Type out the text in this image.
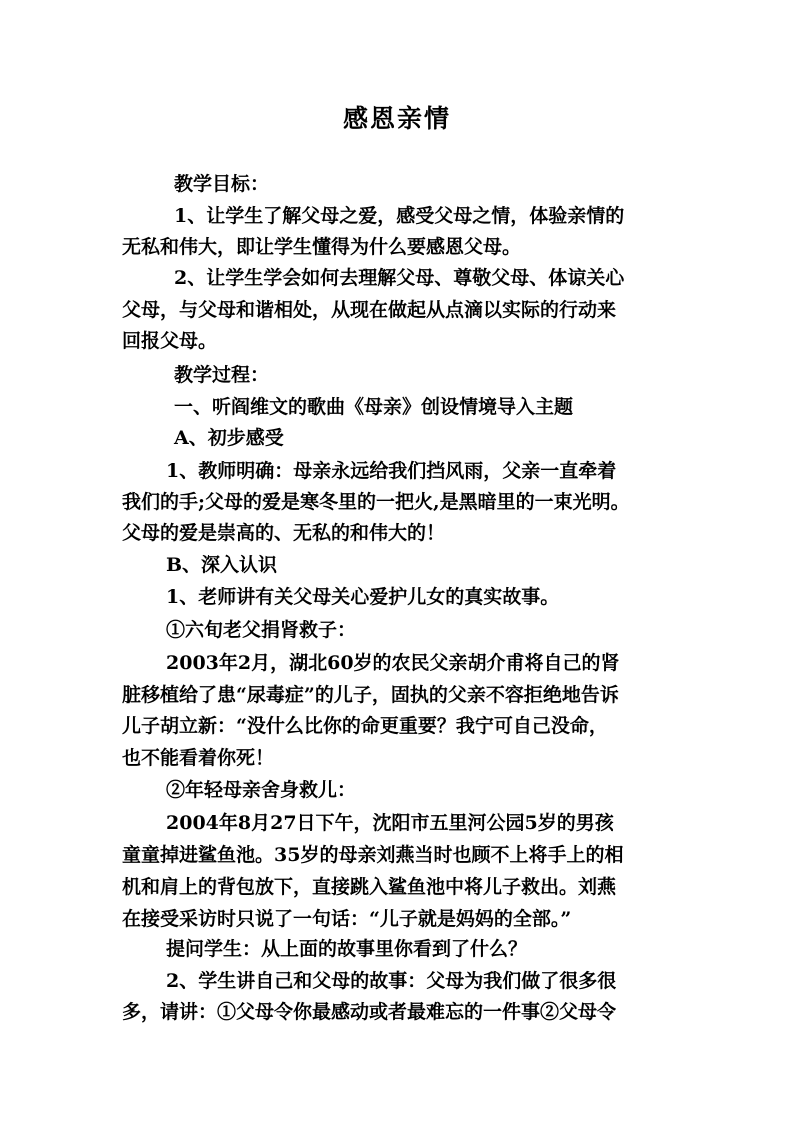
感恩亲情
教学目标：
1、让学生了解父母之爱，感受父母之情，体验亲情的
无私和伟大，即让学生懂得为什么要感恩父母。
2、让学生学会如何去理解父母、尊敬父母、体谅关心
父母，与父母和谐相处，从现在做起从点滴以实际的行动来
回报父母。
教学过程：
一、听阎维文的歌曲《母亲》创设情境导入主题
A、初步感受
1、教师明确：母亲永远给我们挡风雨，父亲一直牵着
我们的手;父母的爱是寒冬里的一把火,是黑暗里的一束光明。
父母的爱是崇高的、无私的和伟大的！
B、深入认识
1、老师讲有关父母关心爱护儿女的真实故事。
①六旬老父捐肾救子：
2003年2月，湖北60岁的农民父亲胡介甫将自己的肾
脏移植给了患“尿毒症”的儿子，固执的父亲不容拒绝地告诉
儿子胡立新：“没什么比你的命更重要？我宁可自己没命，
也不能看着你死！
②年轻母亲舍身救儿：
2004年8月27日下午，沈阳市五里河公园5岁的男孩
童童掉进鲨鱼池。35岁的母亲刘燕当时也顾不上将手上的相
机和肩上的背包放下，直接跳入鲨鱼池中将儿子救出。刘燕
在接受采访时只说了一句话：“儿子就是妈妈的全部。”
提问学生：从上面的故事里你看到了什么？
2、学生讲自己和父母的故事：父母为我们做了很多很
多，请讲：①父母令你最感动或者最难忘的一件事②父母令
